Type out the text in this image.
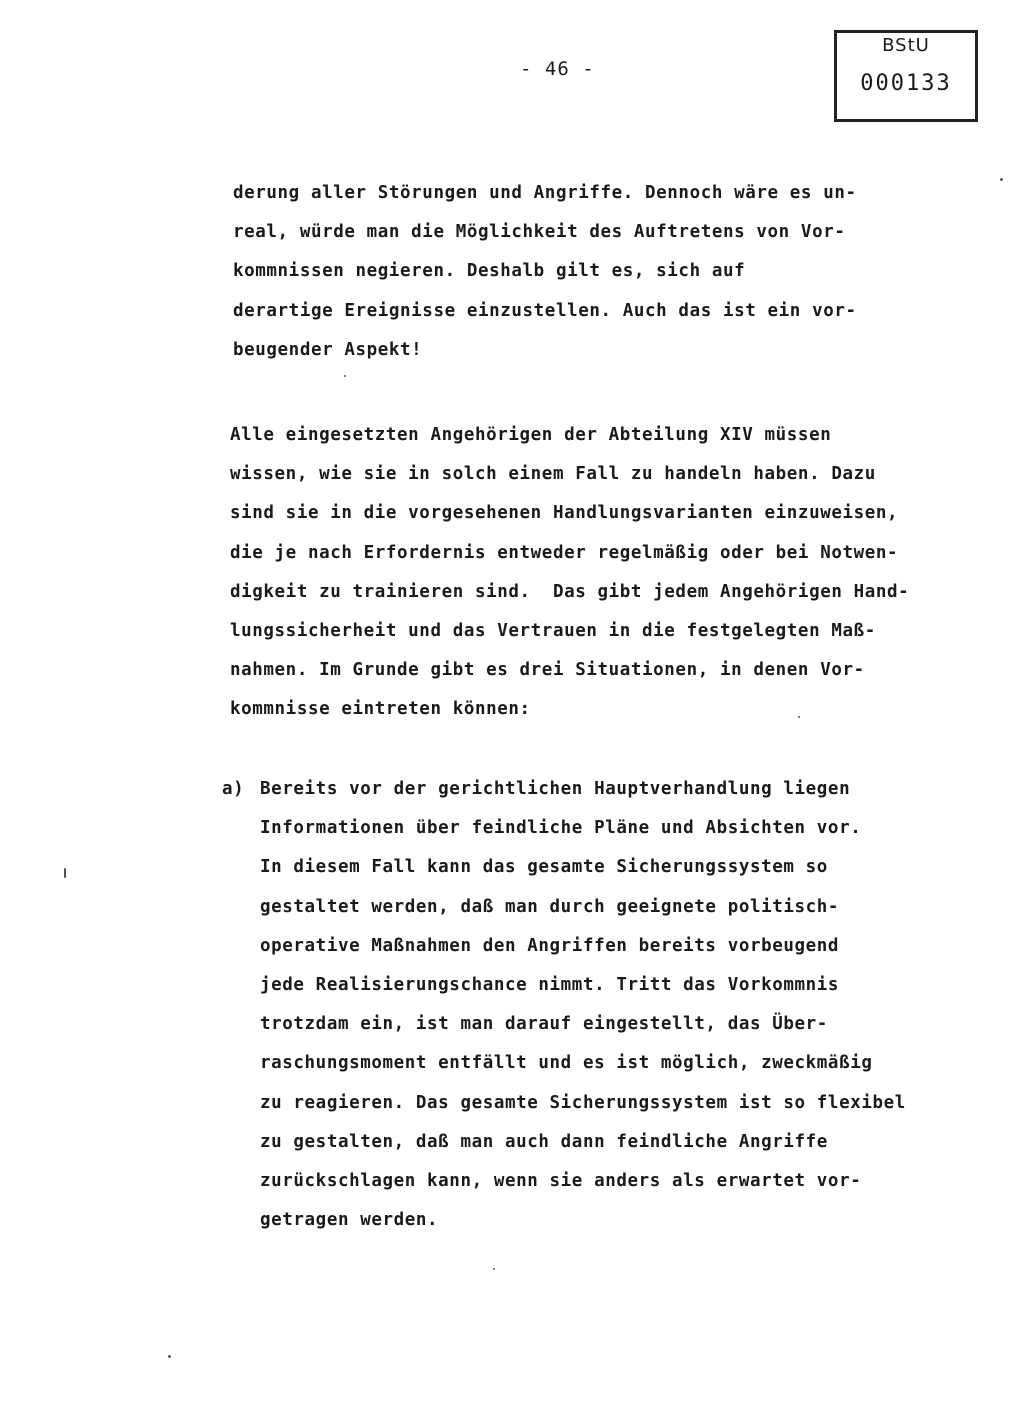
- 46 -
BStU
000133
derung aller Störungen und Angriffe. Dennoch wäre es un-
real, würde man die Möglichkeit des Auftretens von Vor-
kommnissen negieren. Deshalb gilt es, sich auf
derartige Ereignisse einzustellen. Auch das ist ein vor-
beugender Aspekt!
Alle eingesetzten Angehörigen der Abteilung XIV müssen
wissen, wie sie in solch einem Fall zu handeln haben. Dazu
sind sie in die vorgesehenen Handlungsvarianten einzuweisen,
die je nach Erfordernis entweder regelmäßig oder bei Notwen-
digkeit zu trainieren sind.  Das gibt jedem Angehörigen Hand-
lungssicherheit und das Vertrauen in die festgelegten Maß-
nahmen. Im Grunde gibt es drei Situationen, in denen Vor-
kommnisse eintreten können:
a) Bereits vor der gerichtlichen Hauptverhandlung liegen
Informationen über feindliche Pläne und Absichten vor.
In diesem Fall kann das gesamte Sicherungssystem so
gestaltet werden, daß man durch geeignete politisch-
operative Maßnahmen den Angriffen bereits vorbeugend
jede Realisierungschance nimmt. Tritt das Vorkommnis
trotzdam ein, ist man darauf eingestellt, das Über-
raschungsmoment entfällt und es ist möglich, zweckmäßig
zu reagieren. Das gesamte Sicherungssystem ist so flexibel
zu gestalten, daß man auch dann feindliche Angriffe
zurückschlagen kann, wenn sie anders als erwartet vor-
getragen werden.
